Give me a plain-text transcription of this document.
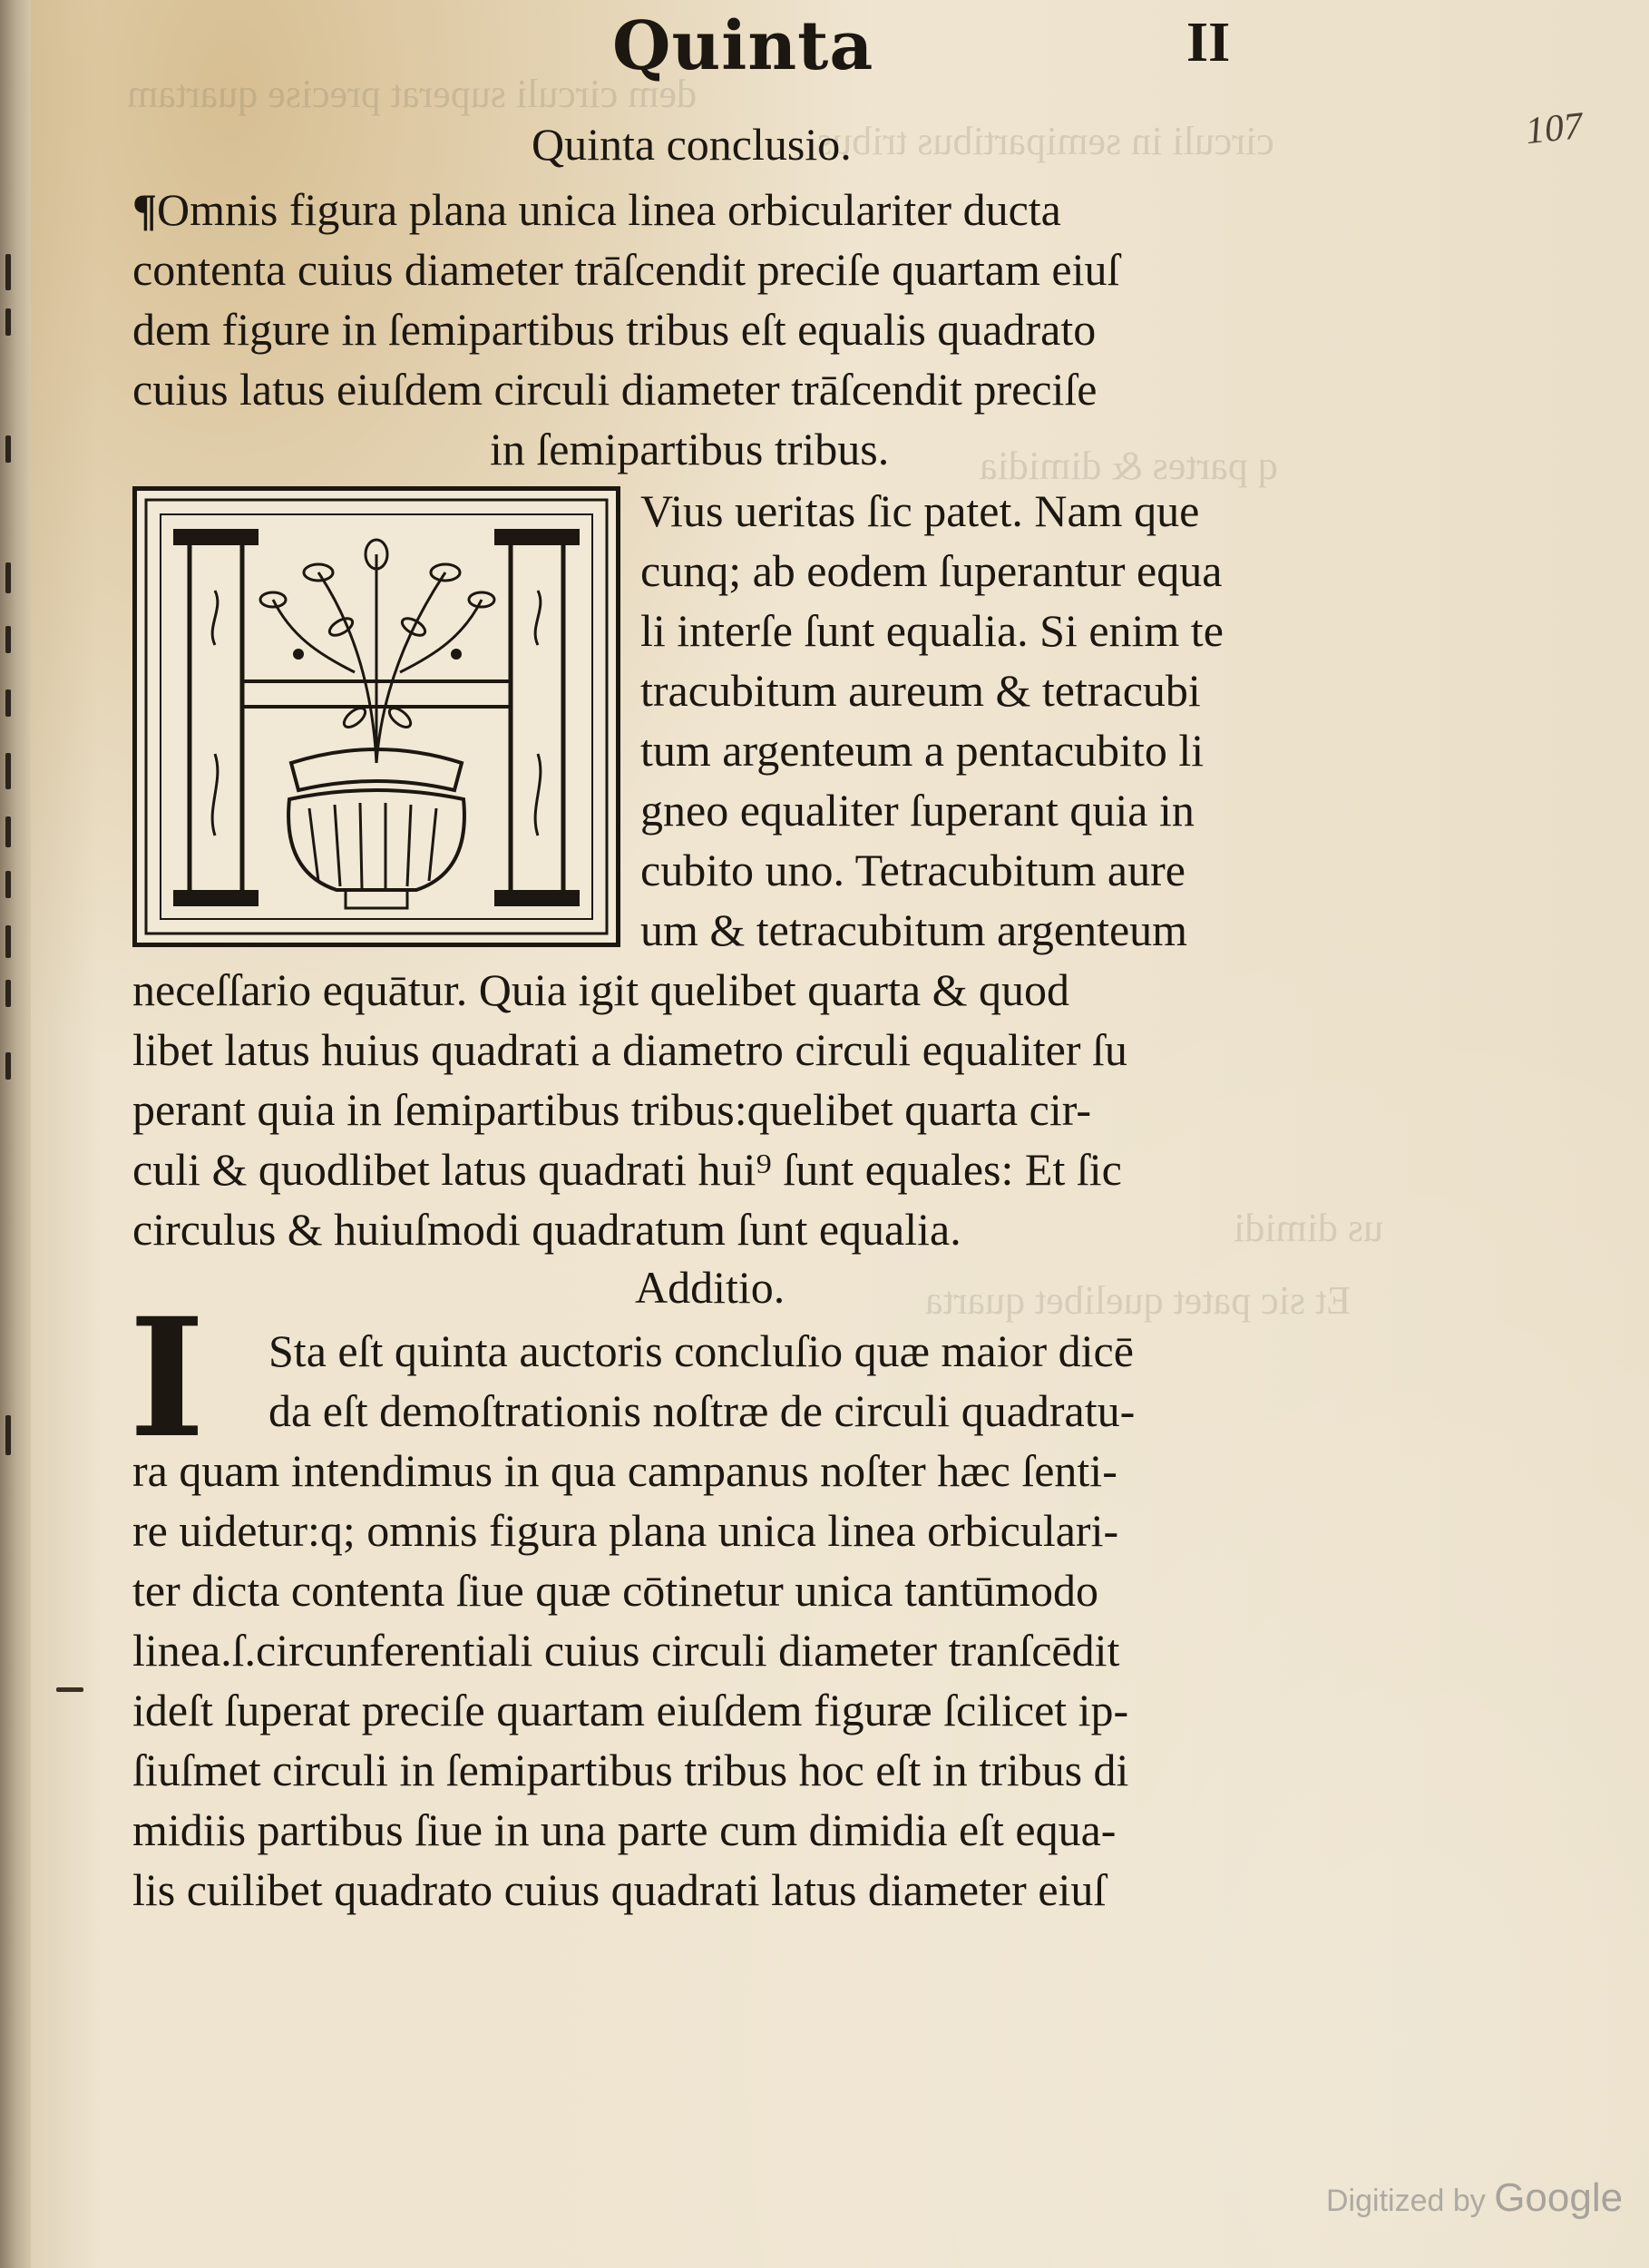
dem circuli superat precise quartam
circuli in semipartibus tribus
q partes & dimidia
us dimidi
Et sic patet quelibet quarta
Quinta	II
107
Quinta conclusio.
¶Omnis figura plana unica linea orbiculariter ducta
contenta cuius diameter trāſcendit preciſe quartam eiuſ
dem figure in ſemipartibus tribus eſt equalis quadrato
cuius latus eiuſdem circuli diameter trāſcendit preciſe
in ſemipartibus tribus.
Vius ueritas ſic patet. Nam que
cunq; ab eodem ſuperantur equa
li interſe ſunt equalia. Si enim te
tracubitum aureum & tetracubi
tum argenteum a pentacubito li
gneo equaliter ſuperant quia in
cubito uno. Tetracubitum aure
um & tetracubitum argenteum
neceſſario equātur. Quia igit quelibet quarta & quod
libet latus huius quadrati a diametro circuli equaliter ſu
perant quia in ſemipartibus tribus:quelibet quarta cir-
culi & quodlibet latus quadrati hui⁹ ſunt equales: Et ſic
circulus & huiuſmodi quadratum ſunt equalia.
Additio.
I Sta eſt quinta auctoris concluſio quæ maior dicē
da eſt demoſtrationis noſtræ de circuli quadratu-
ra quam intendimus in qua campanus noſter hæc ſenti-
re uidetur:q; omnis figura plana unica linea orbiculari-
ter dicta contenta ſiue quæ cōtinetur unica tantūmodo
linea.ſ.circunferentiali cuius circuli diameter tranſcēdit
ideſt ſuperat preciſe quartam eiuſdem figuræ ſcilicet ip-
ſiuſmet circuli in ſemipartibus tribus hoc eſt in tribus di
midiis partibus ſiue in una parte cum dimidia eſt equa-
lis cuilibet quadrato cuius quadrati latus diameter eiuſ
Digitized by Google
